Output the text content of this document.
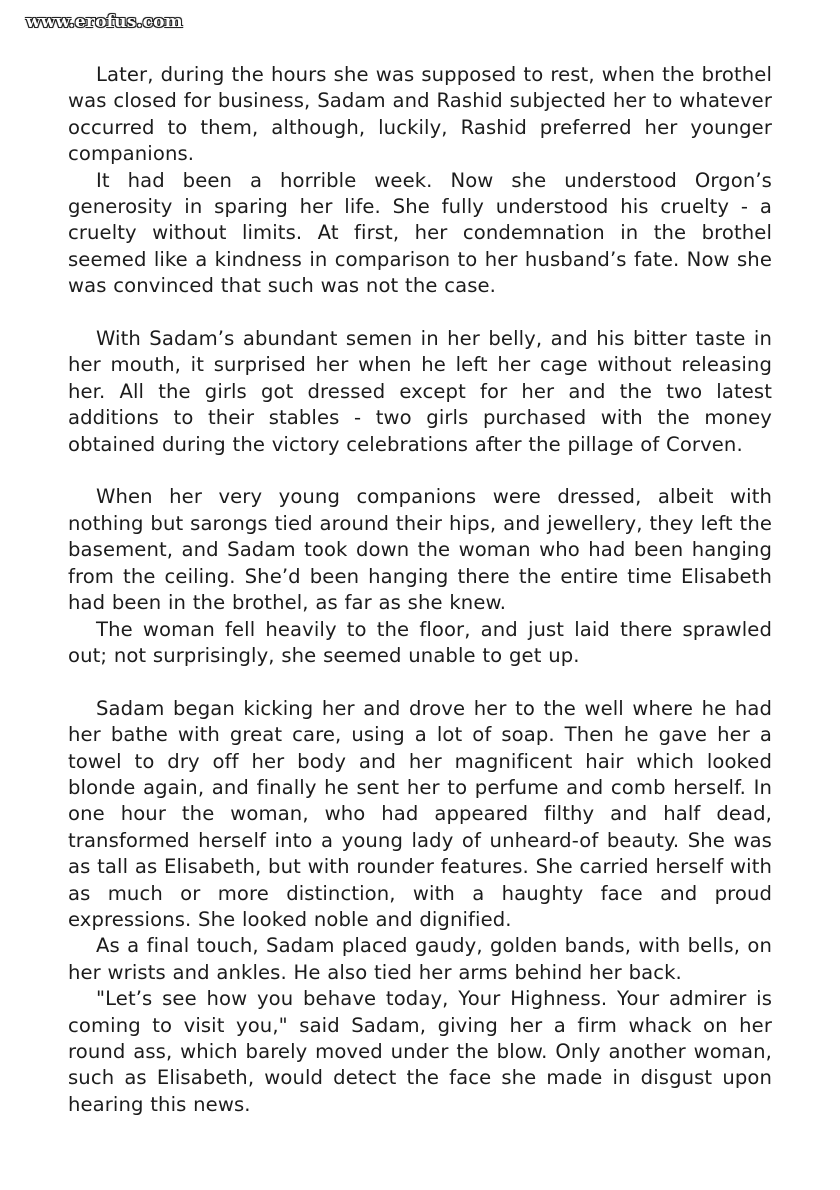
www.erofus.com

Later, during the hours she was supposed to rest, when the brothel was closed for business, Sadam and Rashid subjected her to whatever occurred to them, although, luckily, Rashid preferred her younger companions.

It had been a horrible week. Now she understood Orgon’s generosity in sparing her life. She fully understood his cruelty - a cruelty without limits. At first, her condemnation in the brothel seemed like a kindness in comparison to her husband’s fate. Now she was convinced that such was not the case.

With Sadam’s abundant semen in her belly, and his bitter taste in her mouth, it surprised her when he left her cage without releasing her. All the girls got dressed except for her and the two latest additions to their stables - two girls purchased with the money obtained during the victory celebrations after the pillage of Corven.

When her very young companions were dressed, albeit with nothing but sarongs tied around their hips, and jewellery, they left the basement, and Sadam took down the woman who had been hanging from the ceiling. She’d been hanging there the entire time Elisabeth had been in the brothel, as far as she knew.

The woman fell heavily to the floor, and just laid there sprawled out; not surprisingly, she seemed unable to get up.

Sadam began kicking her and drove her to the well where he had her bathe with great care, using a lot of soap. Then he gave her a towel to dry off her body and her magnificent hair which looked blonde again, and finally he sent her to perfume and comb herself. In one hour the woman, who had appeared filthy and half dead, transformed herself into a young lady of unheard-of beauty. She was as tall as Elisabeth, but with rounder features. She carried herself with as much or more distinction, with a haughty face and proud expressions. She looked noble and dignified.

As a final touch, Sadam placed gaudy, golden bands, with bells, on her wrists and ankles. He also tied her arms behind her back.

"Let’s see how you behave today, Your Highness. Your admirer is coming to visit you," said Sadam, giving her a firm whack on her round ass, which barely moved under the blow. Only another woman, such as Elisabeth, would detect the face she made in disgust upon hearing this news.
